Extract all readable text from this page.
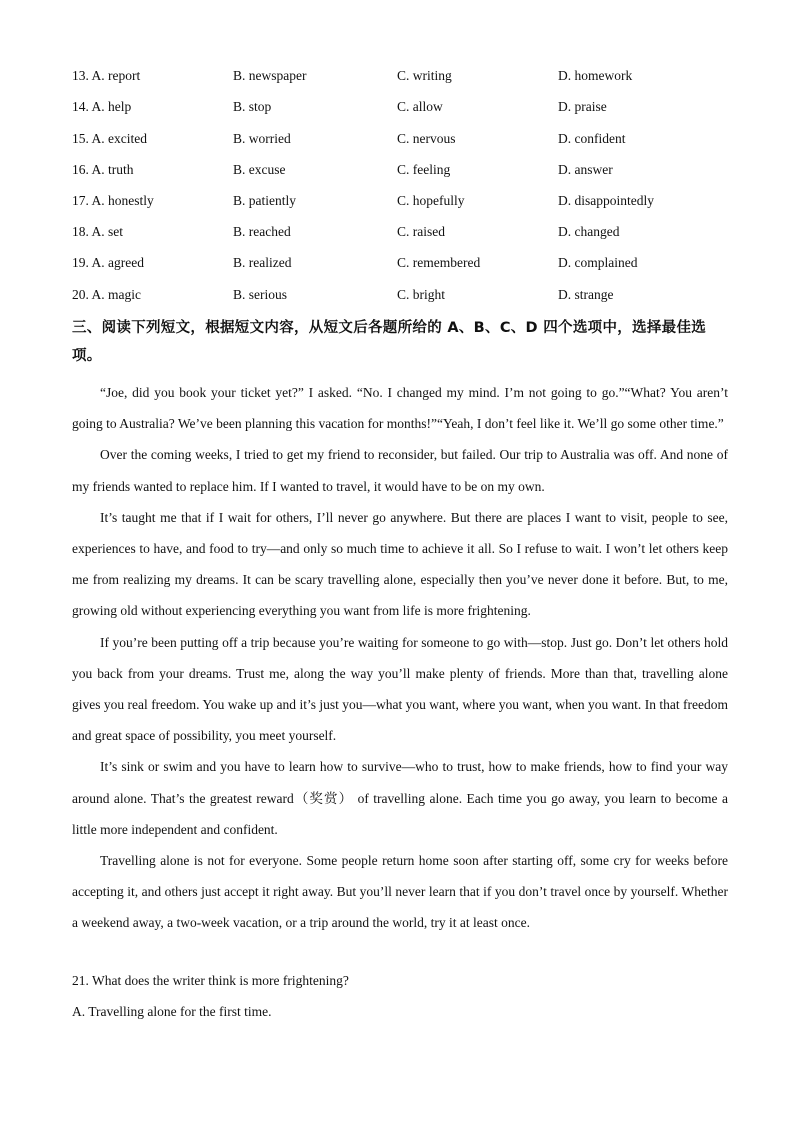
13. A. report	B. newspaper	C. writing	D. homework
14. A. help	B. stop	C. allow	D. praise
15. A. excited	B. worried	C. nervous	D. confident
16. A. truth	B. excuse	C. feeling	D. answer
17. A. honestly	B. patiently	C. hopefully	D. disappointedly
18. A. set	B. reached	C. raised	D. changed
19. A. agreed	B. realized	C. remembered	D. complained
20. A. magic	B. serious	C. bright	D. strange
三、阅读下列短文，根据短文内容，从短文后各题所给的 A、B、C、D 四个选项中，选择最佳选项。

“Joe, did you book your ticket yet?” I asked. “No. I changed my mind. I’m not going to go.”“What? You aren’t going to Australia? We’ve been planning this vacation for months!”“Yeah, I don’t feel like it. We’ll go some other time.”

Over the coming weeks, I tried to get my friend to reconsider, but failed. Our trip to Australia was off. And none of my friends wanted to replace him. If I wanted to travel, it would have to be on my own.

It’s taught me that if I wait for others, I’ll never go anywhere. But there are places I want to visit, people to see, experiences to have, and food to try—and only so much time to achieve it all. So I refuse to wait. I won’t let others keep me from realizing my dreams. It can be scary travelling alone, especially then you’ve never done it before. But, to me, growing old without experiencing everything you want from life is more frightening.

If you’re been putting off a trip because you’re waiting for someone to go with—stop. Just go. Don’t let others hold you back from your dreams. Trust me, along the way you’ll make plenty of friends. More than that, travelling alone gives you real freedom. You wake up and it’s just you—what you want, where you want, when you want. In that freedom and great space of possibility, you meet yourself.

It’s sink or swim and you have to learn how to survive—who to trust, how to make friends, how to find your way around alone. That’s the greatest reward（奖赏） of travelling alone. Each time you go away, you learn to become a little more independent and confident.

Travelling alone is not for everyone. Some people return home soon after starting off, some cry for weeks before accepting it, and others just accept it right away. But you’ll never learn that if you don’t travel once by yourself. Whether a weekend away, a two-week vacation, or a trip around the world, try it at least once.

21. What does the writer think is more frightening?
A. Travelling alone for the first time.
